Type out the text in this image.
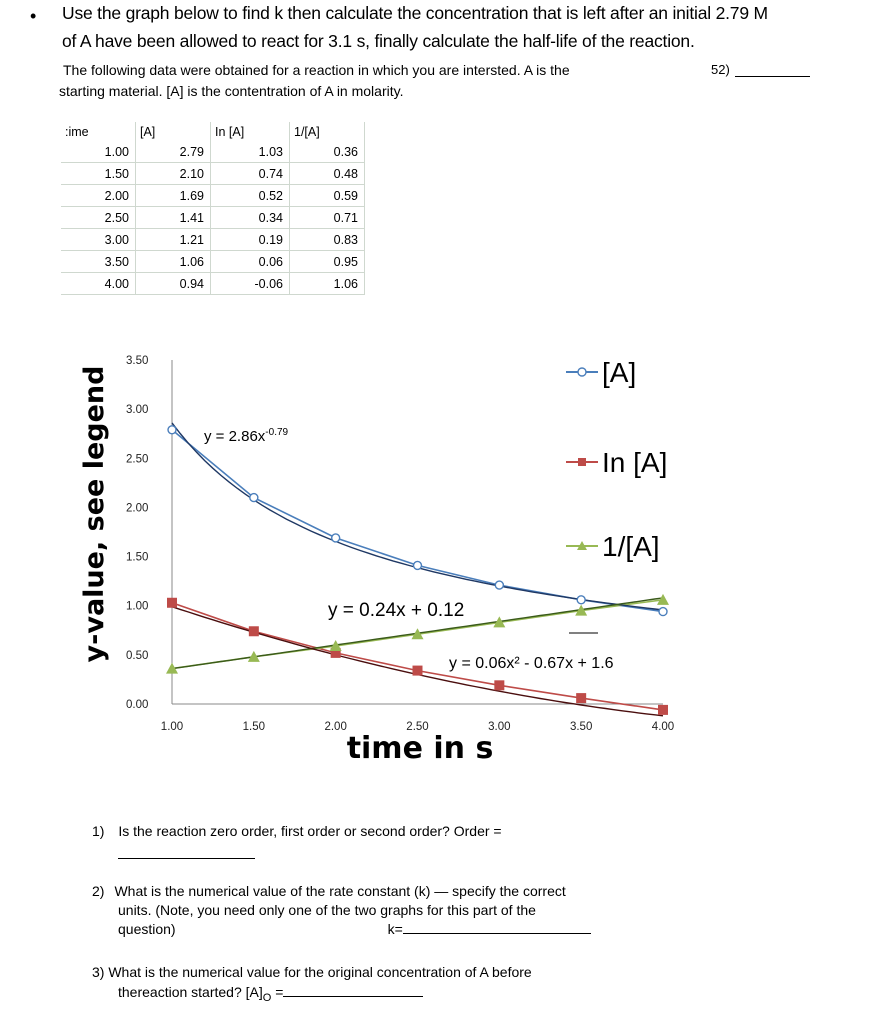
• Use the graph below to find k then calculate the concentration that is left after an initial 2.79 M
of A have been allowed to react for 3.1 s, finally calculate the half-life of the reaction.
The following data were obtained for a reaction in which you are intersted. A is the
starting material. [A] is the contentration of A in molarity.
52)
:ime	[A]	In [A]	1/[A]
1.00	2.79	1.03	0.36
1.50	2.10	0.74	0.48
2.00	1.69	0.52	0.59
2.50	1.41	0.34	0.71
3.00	1.21	0.19	0.83
3.50	1.06	0.06	0.95
4.00	0.94	-0.06	1.06
0.00
0.50
1.00
1.50
2.00
2.50
3.00
3.50
1.00	1.50	2.00	2.50	3.00	3.50	4.00
time in s
y-value, see legend	$y = 2.86x^{-0.79}$
y = 0.24x + 0.12
y = 0.06x² - 0.67x + 1.6
[A]
In [A]
1/[A]
1) Is the reaction zero order, first order or second order? Order =
2) What is the numerical value of the rate constant (k) — specify the correct
units. (Note, you need only one of the two graphs for this part of the
question)	k=
3) What is the numerical value for the original concentration of A before
thereaction started? $[A]_O$ =
